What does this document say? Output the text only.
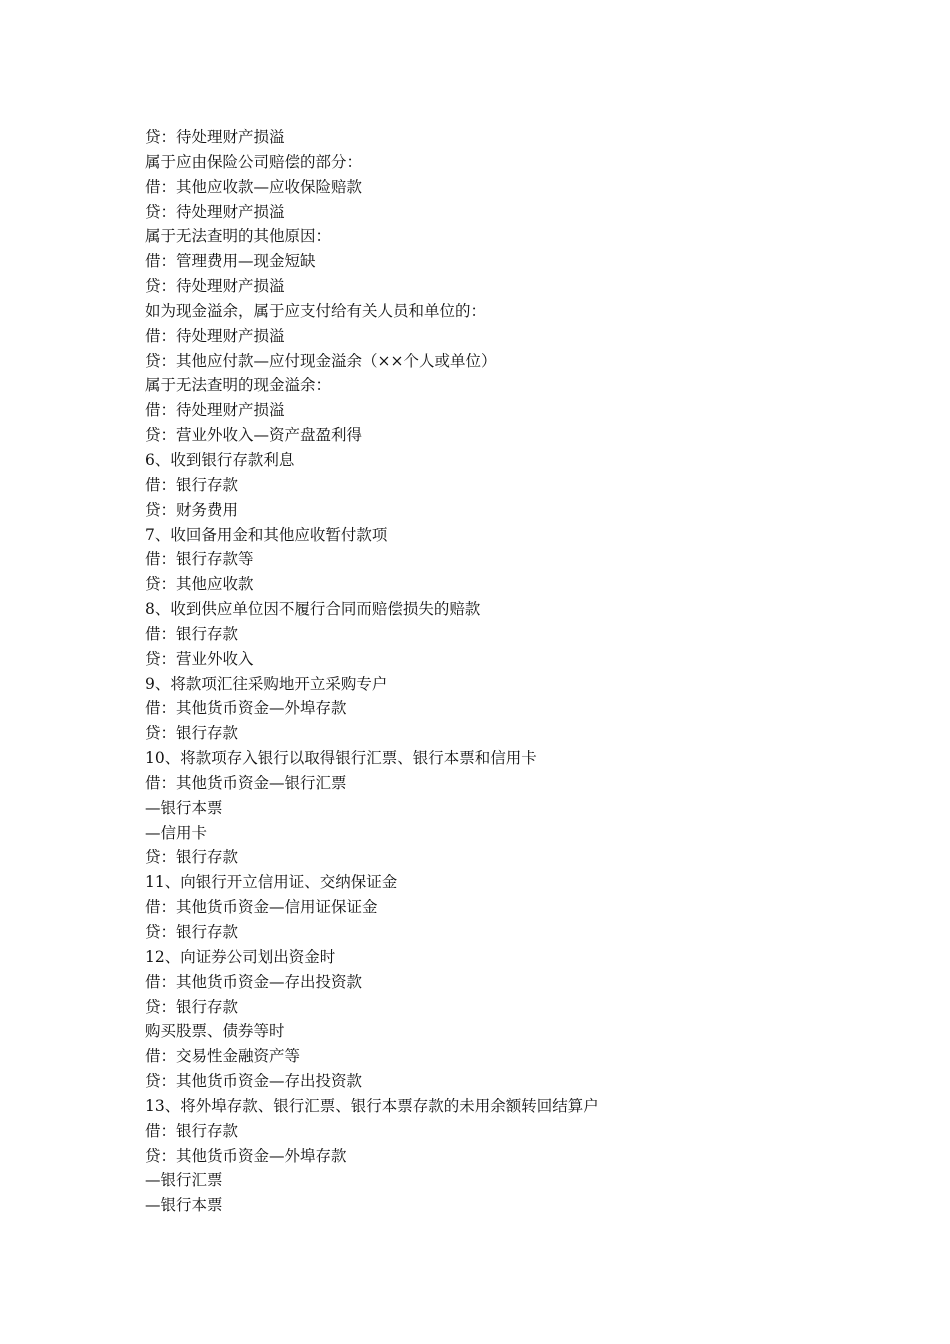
贷：待处理财产损溢
属于应由保险公司赔偿的部分：
借：其他应收款—应收保险赔款
贷：待处理财产损溢
属于无法查明的其他原因：
借：管理费用—现金短缺
贷：待处理财产损溢
如为现金溢余，属于应支付给有关人员和单位的：
借：待处理财产损溢
贷：其他应付款—应付现金溢余（××个人或单位）
属于无法查明的现金溢余：
借：待处理财产损溢
贷：营业外收入—资产盘盈利得
6、收到银行存款利息
借：银行存款
贷：财务费用
7、收回备用金和其他应收暂付款项
借：银行存款等
贷：其他应收款
8、收到供应单位因不履行合同而赔偿损失的赔款
借：银行存款
贷：营业外收入
9、将款项汇往采购地开立采购专户
借：其他货币资金—外埠存款
贷：银行存款
10、将款项存入银行以取得银行汇票、银行本票和信用卡
借：其他货币资金—银行汇票
—银行本票
—信用卡
贷：银行存款
11、向银行开立信用证、交纳保证金
借：其他货币资金—信用证保证金
贷：银行存款
12、向证券公司划出资金时
借：其他货币资金—存出投资款
贷：银行存款
购买股票、债券等时
借：交易性金融资产等
贷：其他货币资金—存出投资款
13、将外埠存款、银行汇票、银行本票存款的未用余额转回结算户
借：银行存款
贷：其他货币资金—外埠存款
—银行汇票
—银行本票
